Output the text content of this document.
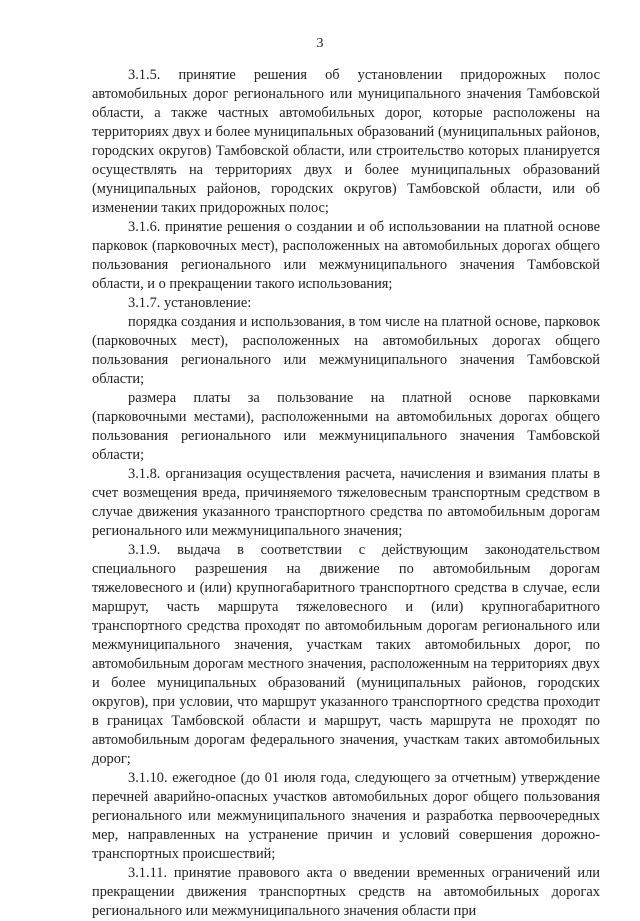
3

3.1.5. принятие решения об установлении придорожных полос автомобильных дорог регионального или муниципального значения Тамбовской области, а также частных автомобильных дорог, которые расположены на территориях двух и более муниципальных образований (муниципальных районов, городских округов) Тамбовской области, или строительство которых планируется осуществлять на территориях двух и более муниципальных образований (муниципальных районов, городских округов) Тамбовской области, или об изменении таких придорожных полос;

3.1.6. принятие решения о создании и об использовании на платной основе парковок (парковочных мест), расположенных на автомобильных дорогах общего пользования регионального или межмуниципального значения Тамбовской области, и о прекращении такого использования;

3.1.7. установление:

порядка создания и использования, в том числе на платной основе, парковок (парковочных мест), расположенных на автомобильных дорогах общего пользования регионального или межмуниципального значения Тамбовской области;

размера платы за пользование на платной основе парковками (парковочными местами), расположенными на автомобильных дорогах общего пользования регионального или межмуниципального значения Тамбовской области;

3.1.8. организация осуществления расчета, начисления и взимания платы в счет возмещения вреда, причиняемого тяжеловесным транспортным средством в случае движения указанного транспортного средства по автомобильным дорогам регионального или межмуниципального значения;

3.1.9. выдача в соответствии с действующим законодательством специального разрешения на движение по автомобильным дорогам тяжеловесного и (или) крупногабаритного транспортного средства в случае, если маршрут, часть маршрута тяжеловесного и (или) крупногабаритного транспортного средства проходят по автомобильным дорогам регионального или межмуниципального значения, участкам таких автомобильных дорог, по автомобильным дорогам местного значения, расположенным на территориях двух и более муниципальных образований (муниципальных районов, городских округов), при условии, что маршрут указанного транспортного средства проходит в границах Тамбовской области и маршрут, часть маршрута не проходят по автомобильным дорогам федерального значения, участкам таких автомобильных дорог;

3.1.10. ежегодное (до 01 июля года, следующего за отчетным) утверждение перечней аварийно-опасных участков автомобильных дорог общего пользования регионального или межмуниципального значения и разработка первоочередных мер, направленных на устранение причин и условий совершения дорожно-транспортных происшествий;

3.1.11. принятие правового акта о введении временных ограничений или прекращении движения транспортных средств на автомобильных дорогах регионального или межмуниципального значения области при
